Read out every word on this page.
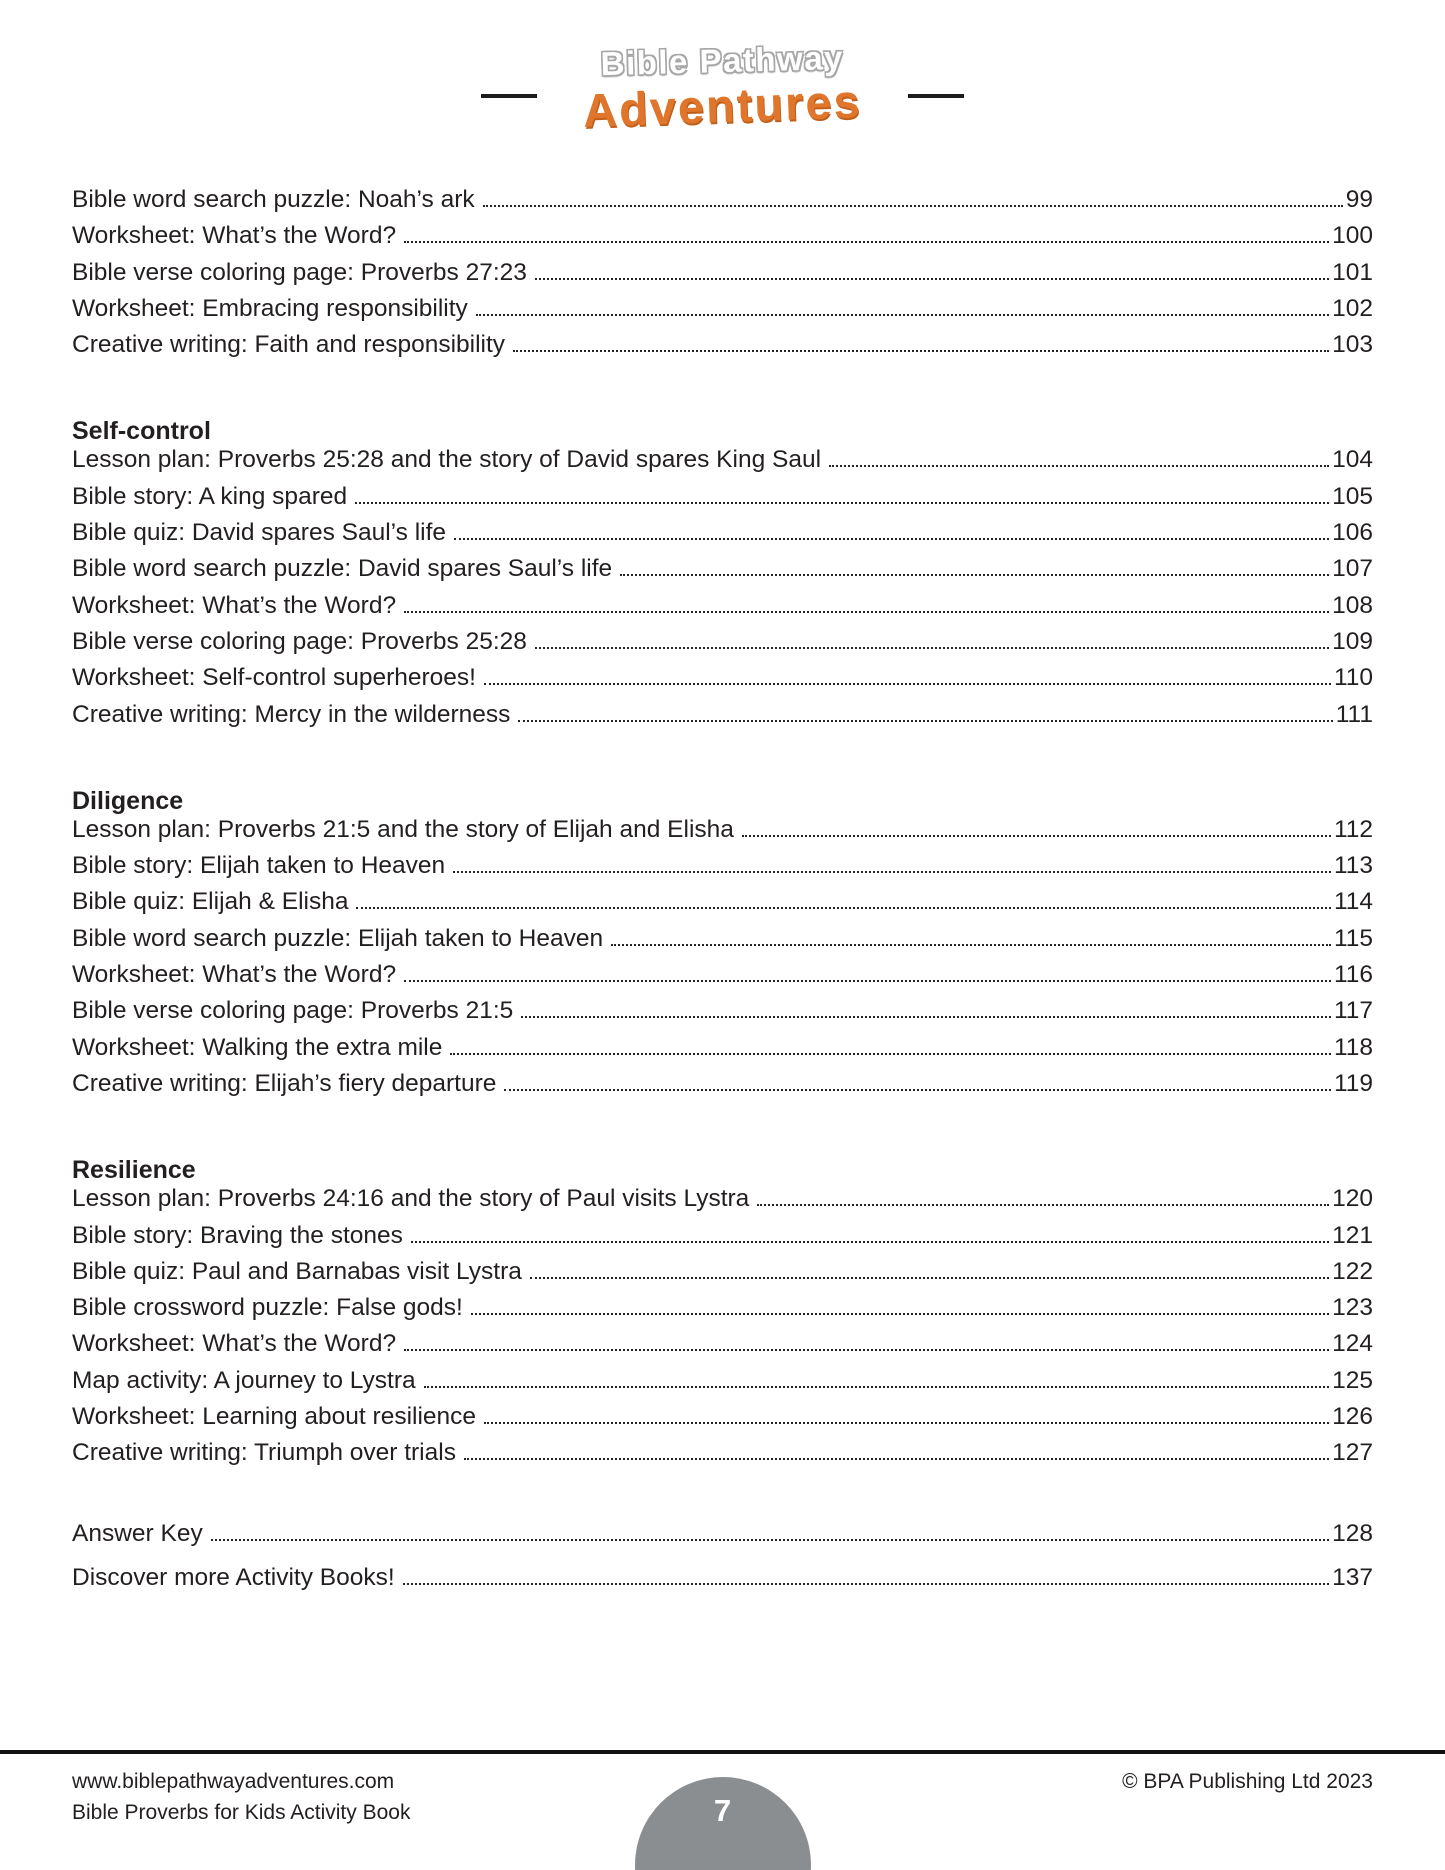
Bible Pathway
Adventures
Bible word search puzzle: Noah’s ark	99
Worksheet: What’s the Word?	100
Bible verse coloring page: Proverbs 27:23	101
Worksheet: Embracing responsibility	102
Creative writing: Faith and responsibility	103
Self-control
Lesson plan: Proverbs 25:28 and the story of David spares King Saul	104
Bible story: A king spared	105
Bible quiz: David spares Saul’s life	106
Bible word search puzzle: David spares Saul’s life	107
Worksheet: What’s the Word?	108
Bible verse coloring page: Proverbs 25:28	109
Worksheet: Self-control superheroes!	110
Creative writing: Mercy in the wilderness	111
Diligence
Lesson plan: Proverbs 21:5 and the story of Elijah and Elisha	112
Bible story: Elijah taken to Heaven	113
Bible quiz: Elijah & Elisha	114
Bible word search puzzle: Elijah taken to Heaven	115
Worksheet: What’s the Word?	116
Bible verse coloring page: Proverbs 21:5	117
Worksheet: Walking the extra mile	118
Creative writing: Elijah’s fiery departure	119
Resilience
Lesson plan: Proverbs 24:16 and the story of Paul visits Lystra	120
Bible story: Braving the stones	121
Bible quiz: Paul and Barnabas visit Lystra	122
Bible crossword puzzle: False gods!	123
Worksheet: What’s the Word?	124
Map activity: A journey to Lystra	125
Worksheet: Learning about resilience	126
Creative writing: Triumph over trials	127
Answer Key	128
Discover more Activity Books!	137
www.biblepathwayadventures.com
Bible Proverbs for Kids Activity Book
© BPA Publishing Ltd 2023
7
